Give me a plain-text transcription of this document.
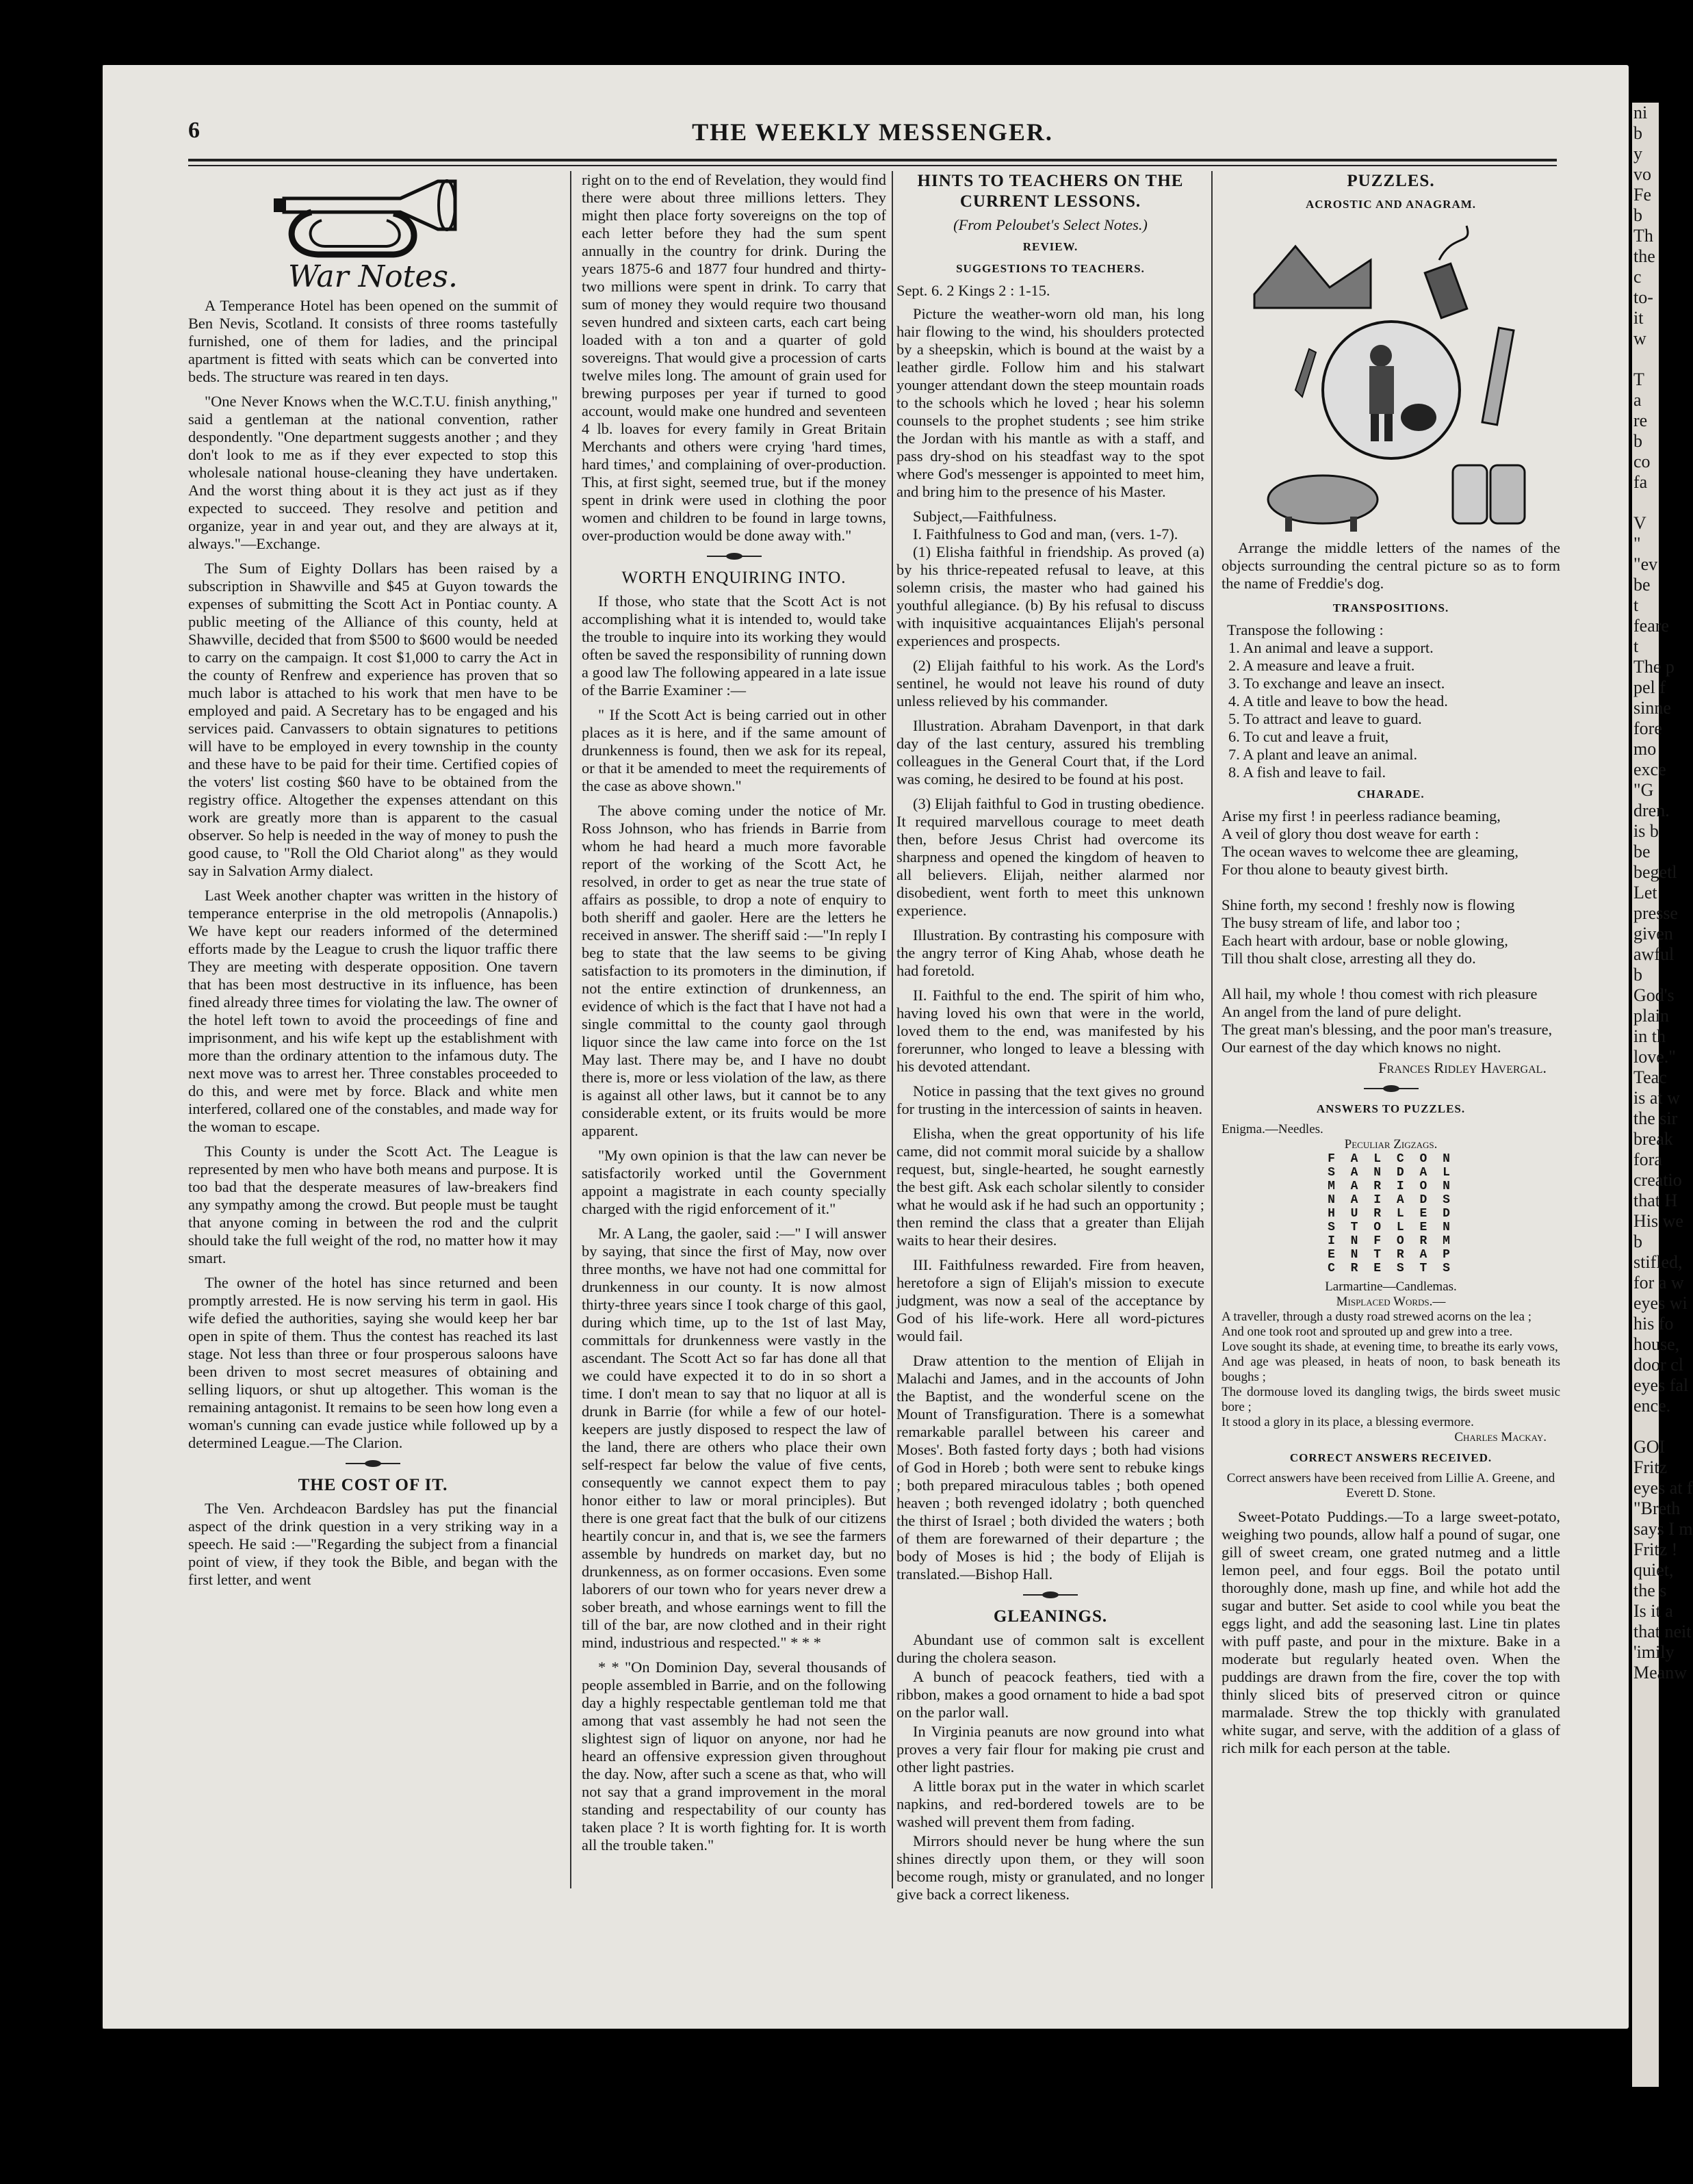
6	THE WEEKLY MESSENGER.
War Notes.

A Temperance Hotel has been opened on the summit of Ben Nevis, Scotland. It consists of three rooms tastefully furnished, one of them for ladies, and the principal apartment is fitted with seats which can be converted into beds. The structure was reared in ten days.

"One Never Knows when the W.C.T.U. finish anything," said a gentleman at the national convention, rather despondently. "One department suggests another ; and they don't look to me as if they ever expected to stop this wholesale national house-cleaning they have undertaken. And the worst thing about it is they act just as if they expected to succeed. They resolve and petition and organize, year in and year out, and they are always at it, always."—Exchange.

The Sum of Eighty Dollars has been raised by a subscription in Shawville and $45 at Guyon towards the expenses of submitting the Scott Act in Pontiac county. A public meeting of the Alliance of this county, held at Shawville, decided that from $500 to $600 would be needed to carry on the campaign. It cost $1,000 to carry the Act in the county of Renfrew and experience has proven that so much labor is attached to his work that men have to be employed and paid. A Secretary has to be engaged and his services paid. Canvassers to obtain signatures to petitions will have to be employed in every township in the county and these have to be paid for their time. Certified copies of the voters' list costing $60 have to be obtained from the registry office. Altogether the expenses attendant on this work are greatly more than is apparent to the casual observer. So help is needed in the way of money to push the good cause, to "Roll the Old Chariot along" as they would say in Salvation Army dialect.

Last Week another chapter was written in the history of temperance enterprise in the old metropolis (Annapolis.) We have kept our readers informed of the determined efforts made by the League to crush the liquor traffic there They are meeting with desperate opposition. One tavern that has been most destructive in its influence, has been fined already three times for violating the law. The owner of the hotel left town to avoid the proceedings of fine and imprisonment, and his wife kept up the establishment with more than the ordinary attention to the infamous duty. The next move was to arrest her. Three constables proceeded to do this, and were met by force. Black and white men interfered, collared one of the constables, and made way for the woman to escape.

This County is under the Scott Act. The League is represented by men who have both means and purpose. It is too bad that the desperate measures of law-breakers find any sympathy among the crowd. But people must be taught that anyone coming in between the rod and the culprit should take the full weight of the rod, no matter how it may smart.

The owner of the hotel has since returned and been promptly arrested. He is now serving his term in gaol. His wife defied the authorities, saying she would keep her bar open in spite of them. Thus the contest has reached its last stage. Not less than three or four prosperous saloons have been driven to most secret measures of obtaining and selling liquors, or shut up altogether. This woman is the remaining antagonist. It remains to be seen how long even a woman's cunning can evade justice while followed up by a determined League.—The Clarion.

THE COST OF IT.

The Ven. Archdeacon Bardsley has put the financial aspect of the drink question in a very striking way in a speech. He said :—"Regarding the subject from a financial point of view, if they took the Bible, and began with the first letter, and went

right on to the end of Revelation, they would find there were about three millions letters. They might then place forty sovereigns on the top of each letter before they had the sum spent annually in the country for drink. During the years 1875-6 and 1877 four hundred and thirty-two millions were spent in drink. To carry that sum of money they would require two thousand seven hundred and sixteen carts, each cart being loaded with a ton and a quarter of gold sovereigns. That would give a procession of carts twelve miles long. The amount of grain used for brewing purposes per year if turned to good account, would make one hundred and seventeen 4 lb. loaves for every family in Great Britain Merchants and others were crying 'hard times, hard times,' and complaining of over-production. This, at first sight, seemed true, but if the money spent in drink were used in clothing the poor women and children to be found in large towns, over-production would be done away with."

WORTH ENQUIRING INTO.

If those, who state that the Scott Act is not accomplishing what it is intended to, would take the trouble to inquire into its working they would often be saved the responsibility of running down a good law The following appeared in a late issue of the Barrie Examiner :—

" If the Scott Act is being carried out in other places as it is here, and if the same amount of drunkenness is found, then we ask for its repeal, or that it be amended to meet the requirements of the case as above shown."

The above coming under the notice of Mr. Ross Johnson, who has friends in Barrie from whom he had heard a much more favorable report of the working of the Scott Act, he resolved, in order to get as near the true state of affairs as possible, to drop a note of enquiry to both sheriff and gaoler. Here are the letters he received in answer. The sheriff said :—"In reply I beg to state that the law seems to be giving satisfaction to its promoters in the diminution, if not the entire extinction of drunkenness, an evidence of which is the fact that I have not had a single committal to the county gaol through liquor since the law came into force on the 1st May last. There may be, and I have no doubt there is, more or less violation of the law, as there is against all other laws, but it cannot be to any considerable extent, or its fruits would be more apparent.

"My own opinion is that the law can never be satisfactorily worked until the Government appoint a magistrate in each county specially charged with the rigid enforcement of it."

Mr. A Lang, the gaoler, said :—" I will answer by saying, that since the first of May, now over three months, we have not had one committal for drunkenness in our county. It is now almost thirty-three years since I took charge of this gaol, during which time, up to the 1st of last May, committals for drunkenness were vastly in the ascendant. The Scott Act so far has done all that we could have expected it to do in so short a time. I don't mean to say that no liquor at all is drunk in Barrie (for while a few of our hotel-keepers are justly disposed to respect the law of the land, there are others who place their own self-respect far below the value of five cents, consequently we cannot expect them to pay honor either to law or moral principles). But there is one great fact that the bulk of our citizens heartily concur in, and that is, we see the farmers assemble by hundreds on market day, but no drunkenness, as on former occasions. Even some laborers of our town who for years never drew a sober breath, and whose earnings went to fill the till of the bar, are now clothed and in their right mind, industrious and respected." * * *

* * "On Dominion Day, several thousands of people assembled in Barrie, and on the following day a highly respectable gentleman told me that among that vast assembly he had not seen the slightest sign of liquor on anyone, nor had he heard an offensive expression given throughout the day. Now, after such a scene as that, who will not say that a grand improvement in the moral standing and respectability of our county has taken place ? It is worth fighting for. It is worth all the trouble taken."

HINTS TO TEACHERS ON THE CURRENT LESSONS.
(From Peloubet's Select Notes.)
REVIEW.
SUGGESTIONS TO TEACHERS.
Sept. 6. 2 Kings 2 : 1-15.

Picture the weather-worn old man, his long hair flowing to the wind, his shoulders protected by a sheepskin, which is bound at the waist by a leather girdle. Follow him and his stalwart younger attendant down the steep mountain roads to the schools which he loved ; hear his solemn counsels to the prophet students ; see him strike the Jordan with his mantle as with a staff, and pass dry-shod on his steadfast way to the spot where God's messenger is appointed to meet him, and bring him to the presence of his Master.

Subject,—Faithfulness.

I. Faithfulness to God and man, (vers. 1-7).

(1) Elisha faithful in friendship. As proved (a) by his thrice-repeated refusal to leave, at this solemn crisis, the master who had gained his youthful allegiance. (b) By his refusal to discuss with inquisitive acquaintances Elijah's personal experiences and prospects.

(2) Elijah faithful to his work. As the Lord's sentinel, he would not leave his round of duty unless relieved by his commander.

Illustration. Abraham Davenport, in that dark day of the last century, assured his trembling colleagues in the General Court that, if the Lord was coming, he desired to be found at his post.

(3) Elijah faithful to God in trusting obedience. It required marvellous courage to meet death then, before Jesus Christ had overcome its sharpness and opened the kingdom of heaven to all believers. Elijah, neither alarmed nor disobedient, went forth to meet this unknown experience.

Illustration. By contrasting his composure with the angry terror of King Ahab, whose death he had foretold.

II. Faithful to the end. The spirit of him who, having loved his own that were in the world, loved them to the end, was manifested by his forerunner, who longed to leave a blessing with his devoted attendant.

Notice in passing that the text gives no ground for trusting in the intercession of saints in heaven.

Elisha, when the great opportunity of his life came, did not commit moral suicide by a shallow request, but, single-hearted, he sought earnestly the best gift. Ask each scholar silently to consider what he would ask if he had such an opportunity ; then remind the class that a greater than Elijah waits to hear their desires.

III. Faithfulness rewarded. Fire from heaven, heretofore a sign of Elijah's mission to execute judgment, was now a seal of the acceptance by God of his life-work. Here all word-pictures would fail.

Draw attention to the mention of Elijah in Malachi and James, and in the accounts of John the Baptist, and the wonderful scene on the Mount of Transfiguration. There is a somewhat remarkable parallel between his career and Moses'. Both fasted forty days ; both had visions of God in Horeb ; both were sent to rebuke kings ; both prepared miraculous tables ; both opened heaven ; both revenged idolatry ; both quenched the thirst of Israel ; both divided the waters ; both of them are forewarned of their departure ; the body of Moses is hid ; the body of Elijah is translated.—Bishop Hall.

GLEANINGS.

Abundant use of common salt is excellent during the cholera season.

A bunch of peacock feathers, tied with a ribbon, makes a good ornament to hide a bad spot on the parlor wall.

In Virginia peanuts are now ground into what proves a very fair flour for making pie crust and other light pastries.

A little borax put in the water in which scarlet napkins, and red-bordered towels are to be washed will prevent them from fading.

Mirrors should never be hung where the sun shines directly upon them, or they will soon become rough, misty or granulated, and no longer give back a correct likeness.

PUZZLES.
ACROSTIC AND ANAGRAM.

Arrange the middle letters of the names of the objects surrounding the central picture so as to form the name of Freddie's dog.

TRANSPOSITIONS.
Transpose the following :
1. An animal and leave a support.
2. A measure and leave a fruit.
3. To exchange and leave an insect.
4. A title and leave to bow the head.
5. To attract and leave to guard.
6. To cut and leave a fruit,
7. A plant and leave an animal.
8. A fish and leave to fail.
CHARADE.
Arise my first ! in peerless radiance beaming,
A veil of glory thou dost weave for earth :
The ocean waves to welcome thee are gleaming,
For thou alone to beauty givest birth.

Shine forth, my second ! freshly now is flowing
The busy stream of life, and labor too ;
Each heart with ardour, base or noble glowing,
Till thou shalt close, arresting all they do.

All hail, my whole ! thou comest with rich pleasure
An angel from the land of pure delight.
The great man's blessing, and the poor man's treasure,
Our earnest of the day which knows no night.
Frances Ridley Havergal.
ANSWERS TO PUZZLES.
Enigma.—Needles.
Peculiar Zigzags.
F A L C O N
S A N D A L
M A R I O N
N A I A D S
H U R L E D
S T O L E N
I N F O R M
E N T R A P
C R E S T S
Larmartine—Candlemas.
Misplaced Words.—
A traveller, through a dusty road strewed acorns on the lea ;
And one took root and sprouted up and grew into a tree.
Love sought its shade, at evening time, to breathe its early vows,
And age was pleased, in heats of noon, to bask beneath its boughs ;
The dormouse loved its dangling twigs, the birds sweet music bore ;
It stood a glory in its place, a blessing evermore.
Charles Mackay.
CORRECT ANSWERS RECEIVED.
Correct answers have been received from Lillie A. Greene, and Everett D. Stone.

Sweet-Potato Puddings.—To a large sweet-potato, weighing two pounds, allow half a pound of sugar, one gill of sweet cream, one grated nutmeg and a little lemon peel, and four eggs. Boil the potato until thoroughly done, mash up fine, and while hot add the sugar and butter. Set aside to cool while you beat the eggs light, and add the seasoning last. Line tin plates with puff paste, and pour in the mixture. Bake in a moderate but regularly heated oven. When the puddings are drawn from the fire, cover the top with thinly sliced bits of preserved citron or quince marmalade. Strew the top thickly with granulated white sugar, and serve, with the addition of a glass of rich milk for each person at the table.

ni
b
y
vo
Fe
b
Th
the
c
to-
it
w

T
a
re
b
co
fa

V
"
"ev
be
t
feare
t
The p
pel f
sinne
fore
mo
exce
"G
dren.
is b
be
begetl
Let
presse
given
awful
b
God's
plain
in th
love."
Teac
is at w
the sir
break
fora
creatio
that H
His we
b
stifled,
for a w
eyes wi
his fo
house,
door cl
eyes fal
ence.

GOI
Fritz
eyes at f
"Breth
says I m
Fritz !
quiet,
the s
Is it a
that neit
'imily
Meanw
